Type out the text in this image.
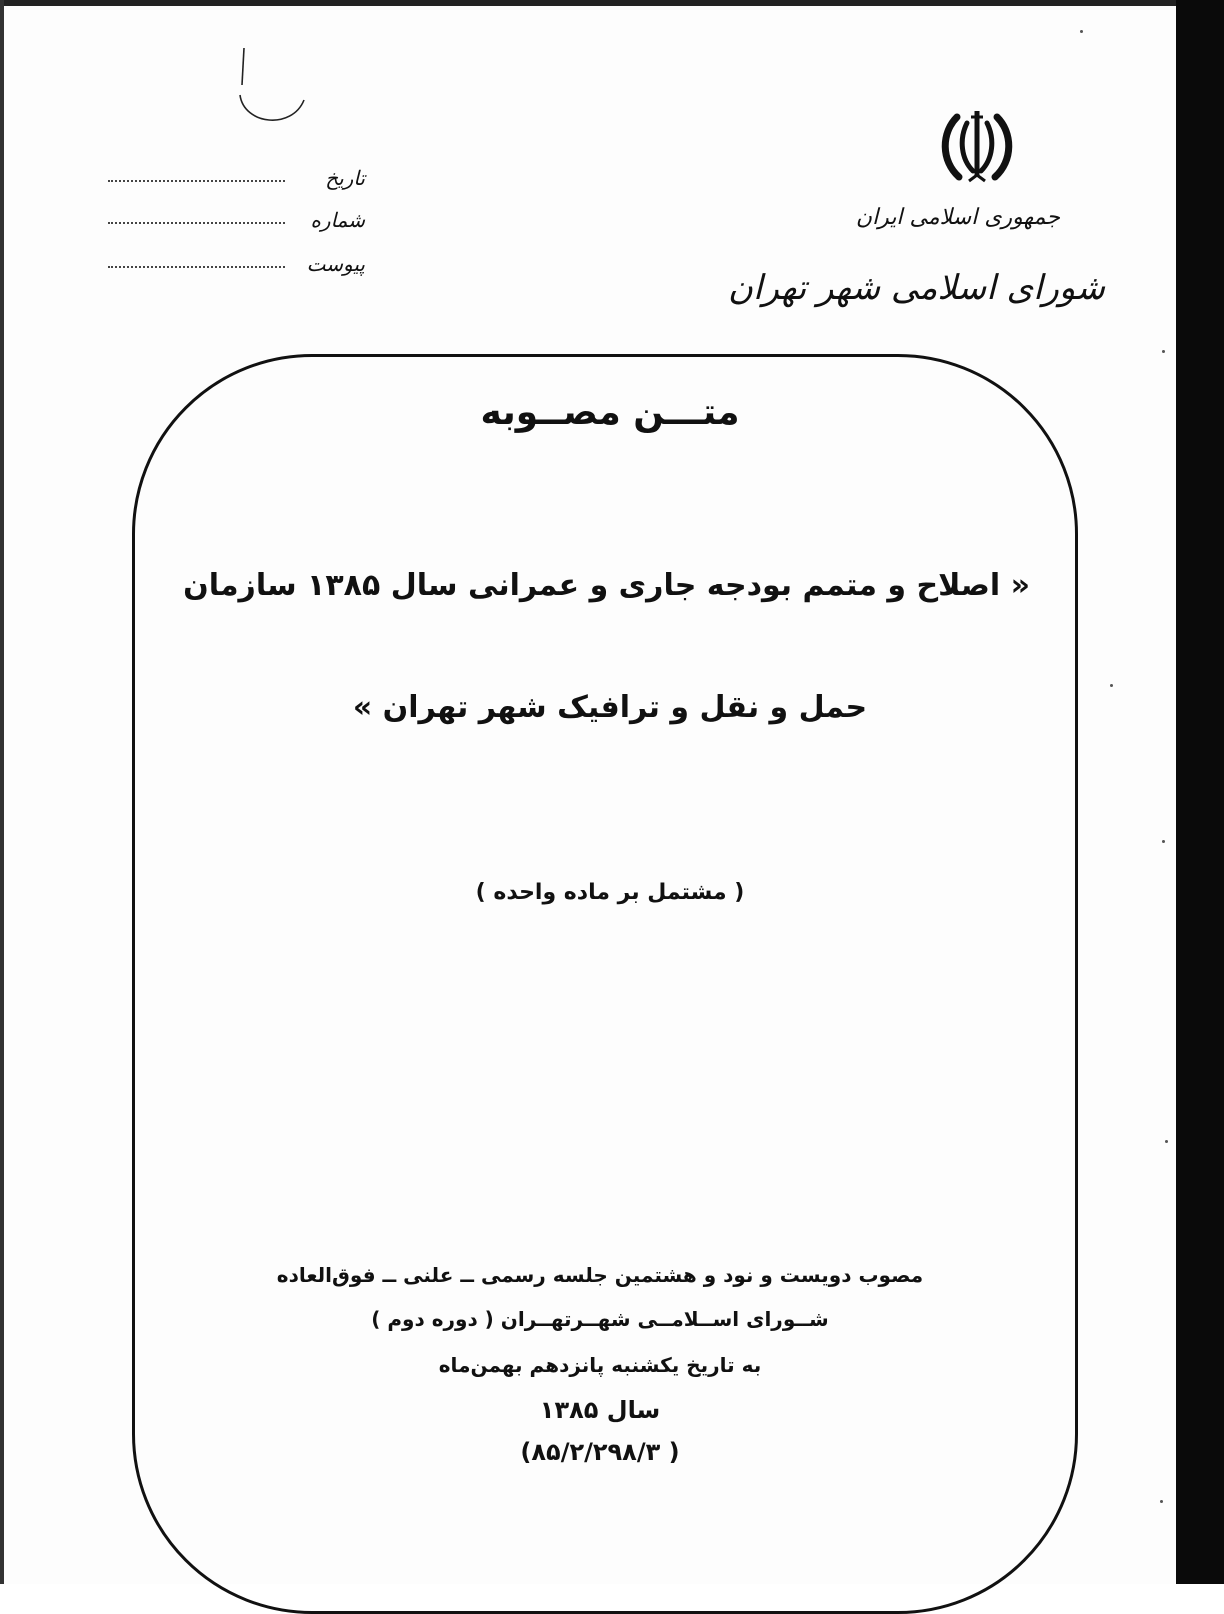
جمهوری اسلامی ایران
شورای اسلامی شهر تهران
تاریخ
شماره
پیوست
متـــن مصــوبه
« اصلاح و متمم بودجه جاری و عمرانی سال ۱۳۸۵ سازمان
حمل و نقل و ترافیک شهر تهران »
( مشتمل بر ماده واحده )
مصوب دویست و نود و هشتمین جلسه رسمی ــ علنی ــ فوق‌العاده
شــورای اســلامــی شهــرتهــران ( دوره دوم )
به تاریخ یکشنبه پانزدهم بهمن‌ماه
سال ۱۳۸۵
( ۸۵/۲/۲۹۸/۳)
